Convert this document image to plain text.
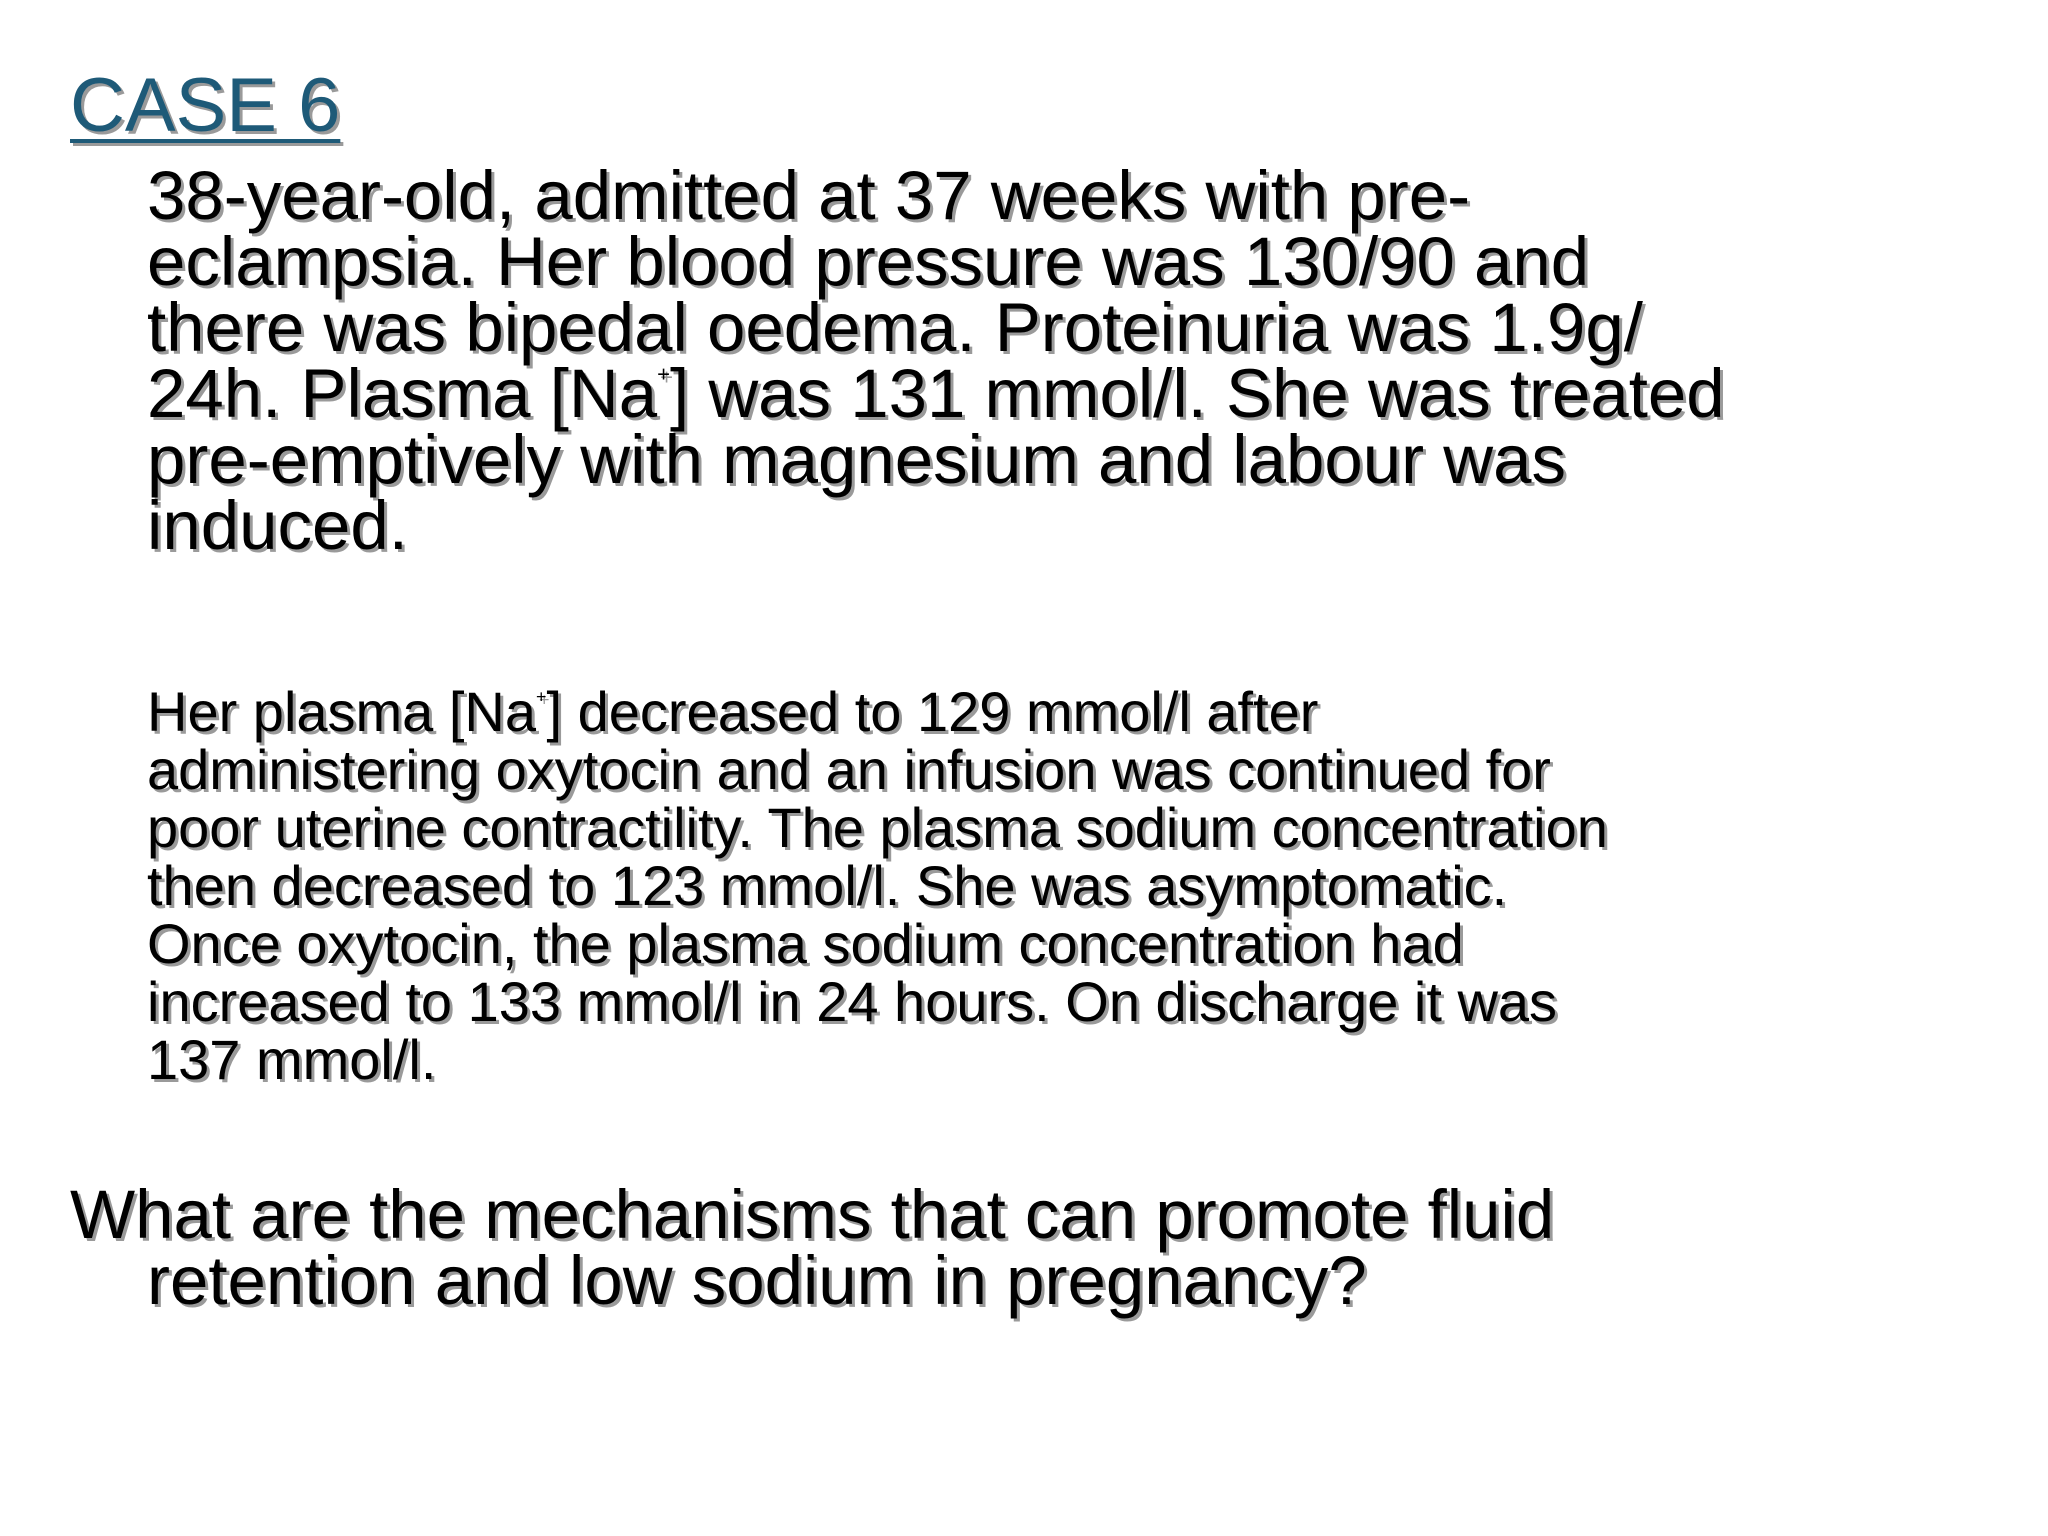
CASE 6
38-year-old, admitted at 37 weeks with pre-
eclampsia. Her blood pressure was 130/90 and
there was bipedal oedema. Proteinuria was 1.9g/
24h. Plasma [Na+] was 131 mmol/l. She was treated
pre-emptively with magnesium and labour was
induced.
Her plasma [Na+] decreased to 129 mmol/l after
administering oxytocin and an infusion was continued for
poor uterine contractility. The plasma sodium concentration
then decreased to 123 mmol/l. She was asymptomatic.
Once oxytocin, the plasma sodium concentration had
increased to 133 mmol/l in 24 hours. On discharge it was
137 mmol/l.
What are the mechanisms that can promote fluid
retention and low sodium in pregnancy?
